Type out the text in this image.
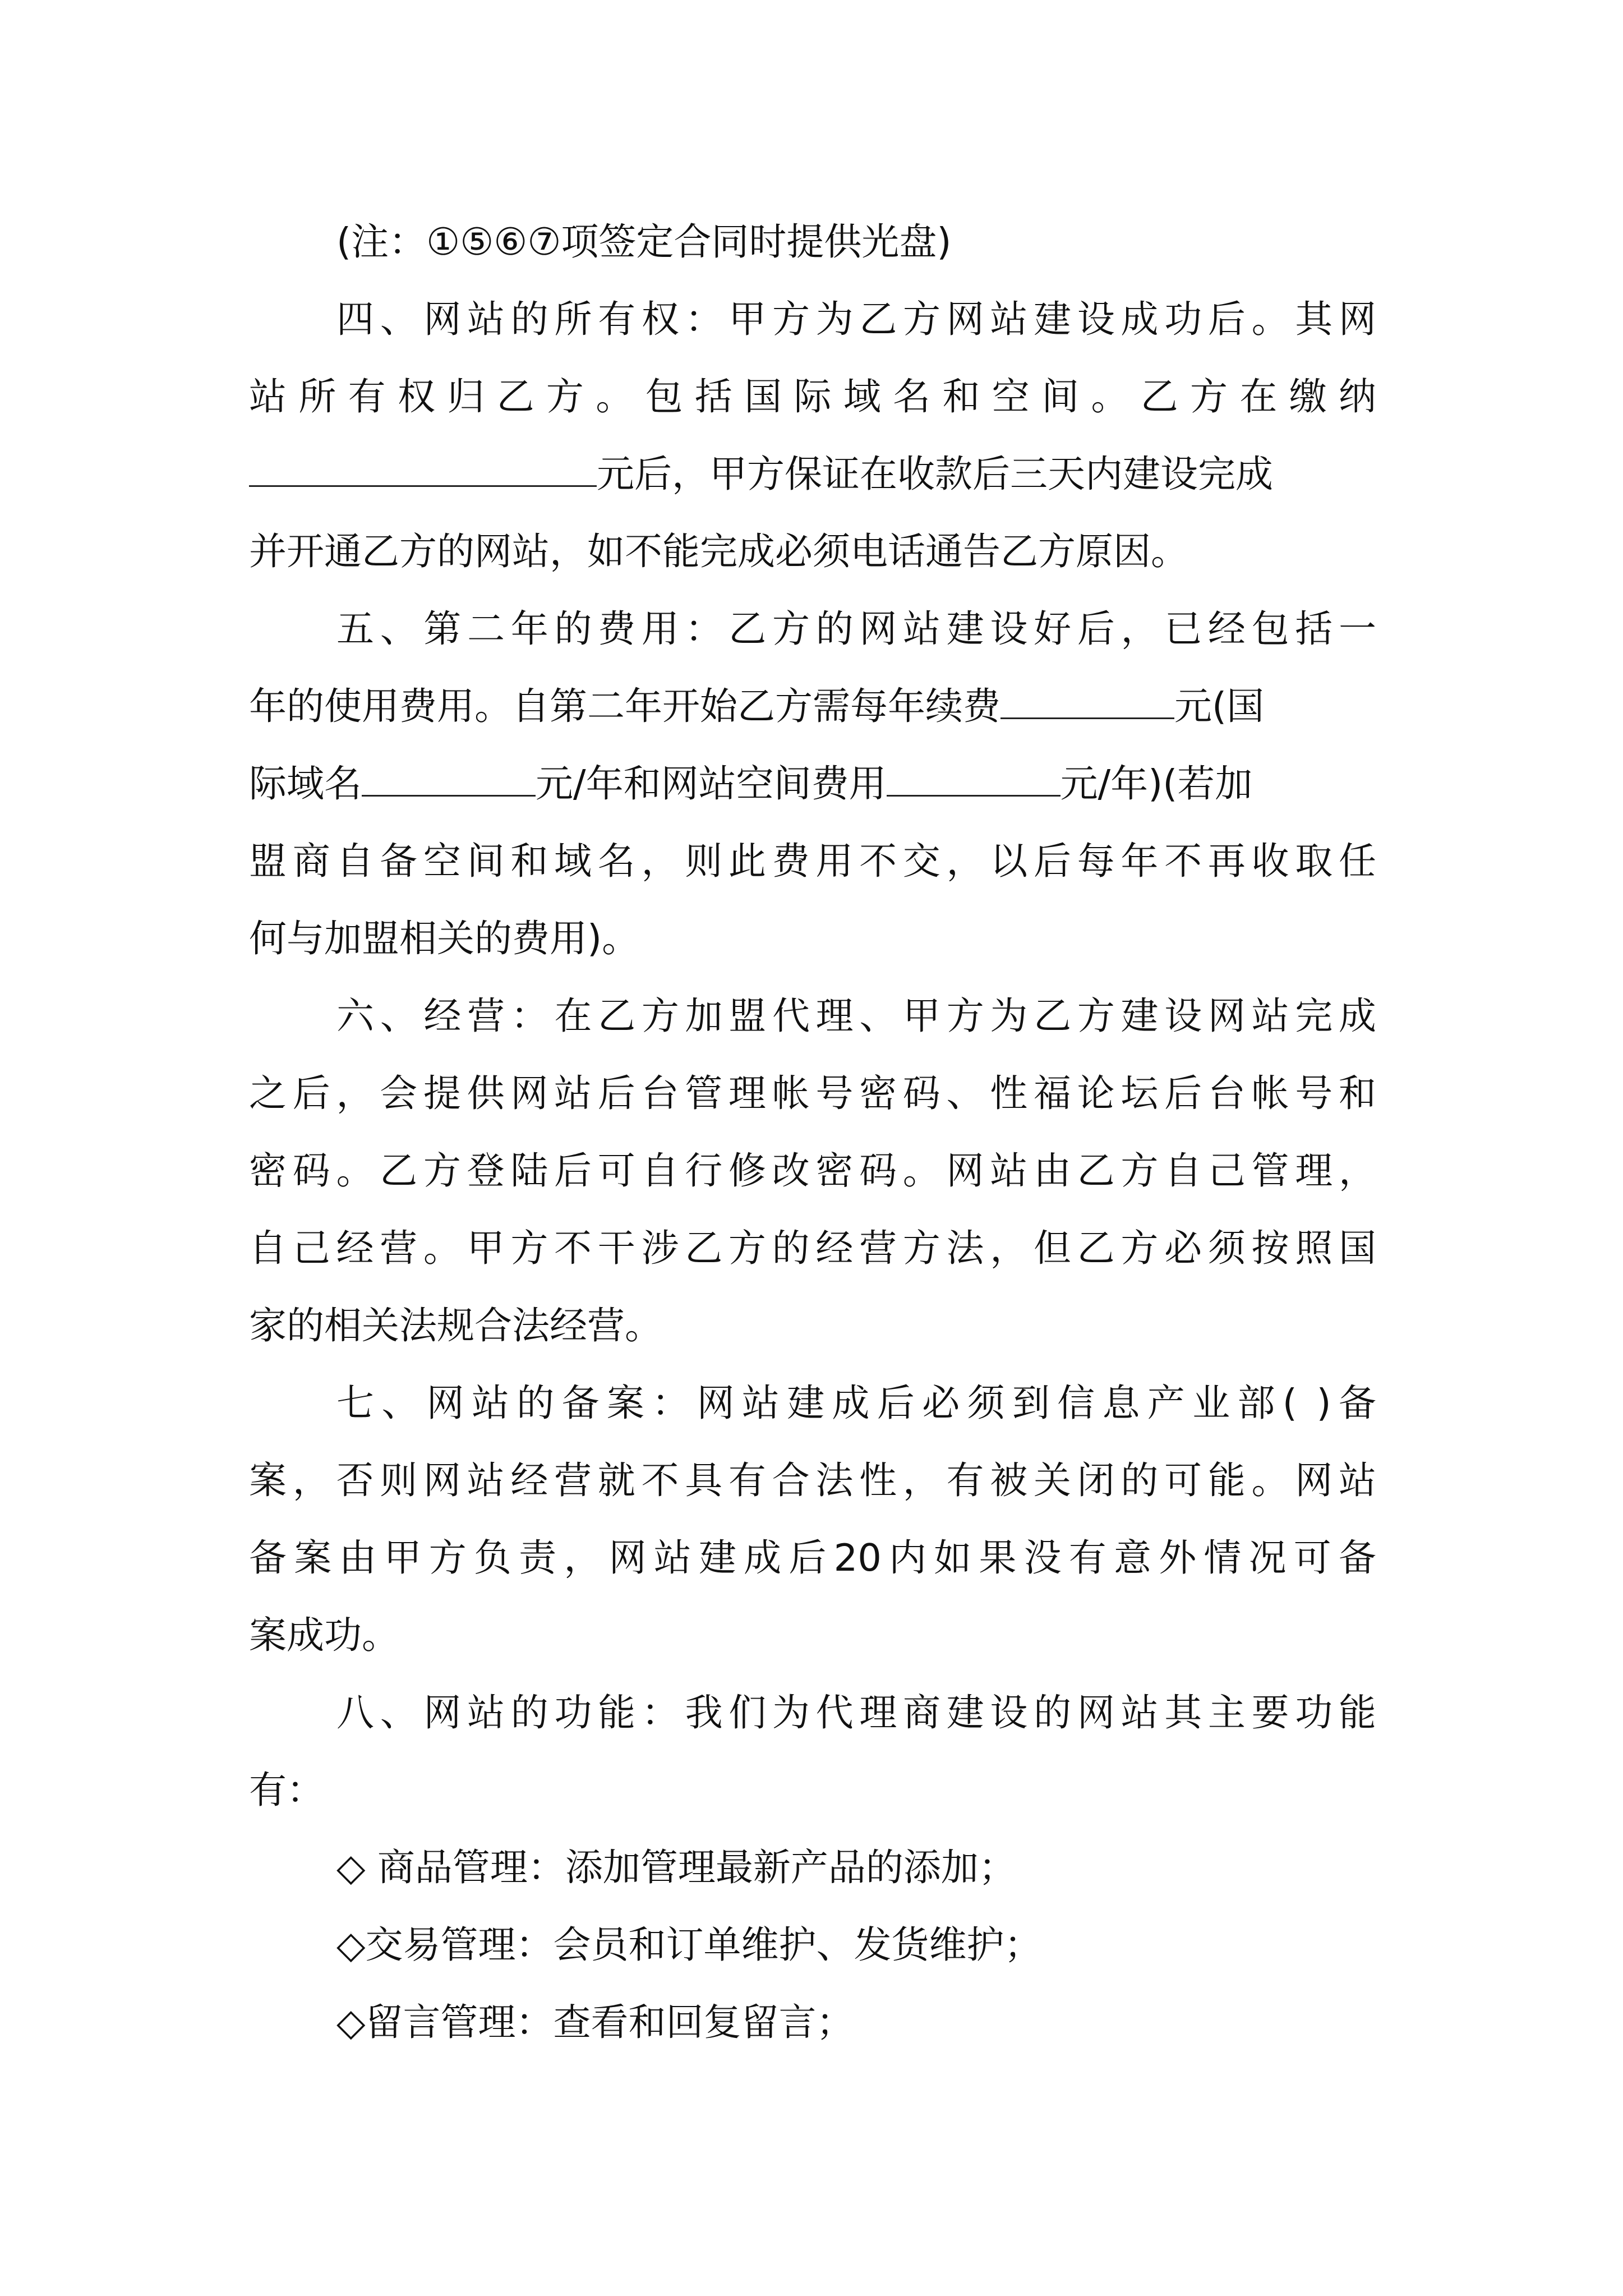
(注：①⑤⑥⑦项签定合同时提供光盘)
四、网站的所有权：甲方为乙方网站建设成功后。其网
站所有权归乙方。包括国际域名和空间。乙方在缴纳
元后，甲方保证在收款后三天内建设完成
并开通乙方的网站，如不能完成必须电话通告乙方原因。
五、第二年的费用：乙方的网站建设好后，已经包括一
年的使用费用。自第二年开始乙方需每年续费	元(国
际域名	元/年和网站空间费用	元/年)(若加
盟商自备空间和域名，则此费用不交，以后每年不再收取任
何与加盟相关的费用)。
六、经营：在乙方加盟代理、甲方为乙方建设网站完成
之后，会提供网站后台管理帐号密码、性福论坛后台帐号和
密码。乙方登陆后可自行修改密码。网站由乙方自己管理，
自己经营。甲方不干涉乙方的经营方法，但乙方必须按照国
家的相关法规合法经营。
七、网站的备案：网站建成后必须到信息产业部( )备
案，否则网站经营就不具有合法性，有被关闭的可能。网站
备案由甲方负责，网站建成后20内如果没有意外情况可备
案成功。
八、网站的功能：我们为代理商建设的网站其主要功能
有：
◇ 商品管理：添加管理最新产品的添加；
◇交易管理：会员和订单维护、发货维护；
◇留言管理：查看和回复留言；
